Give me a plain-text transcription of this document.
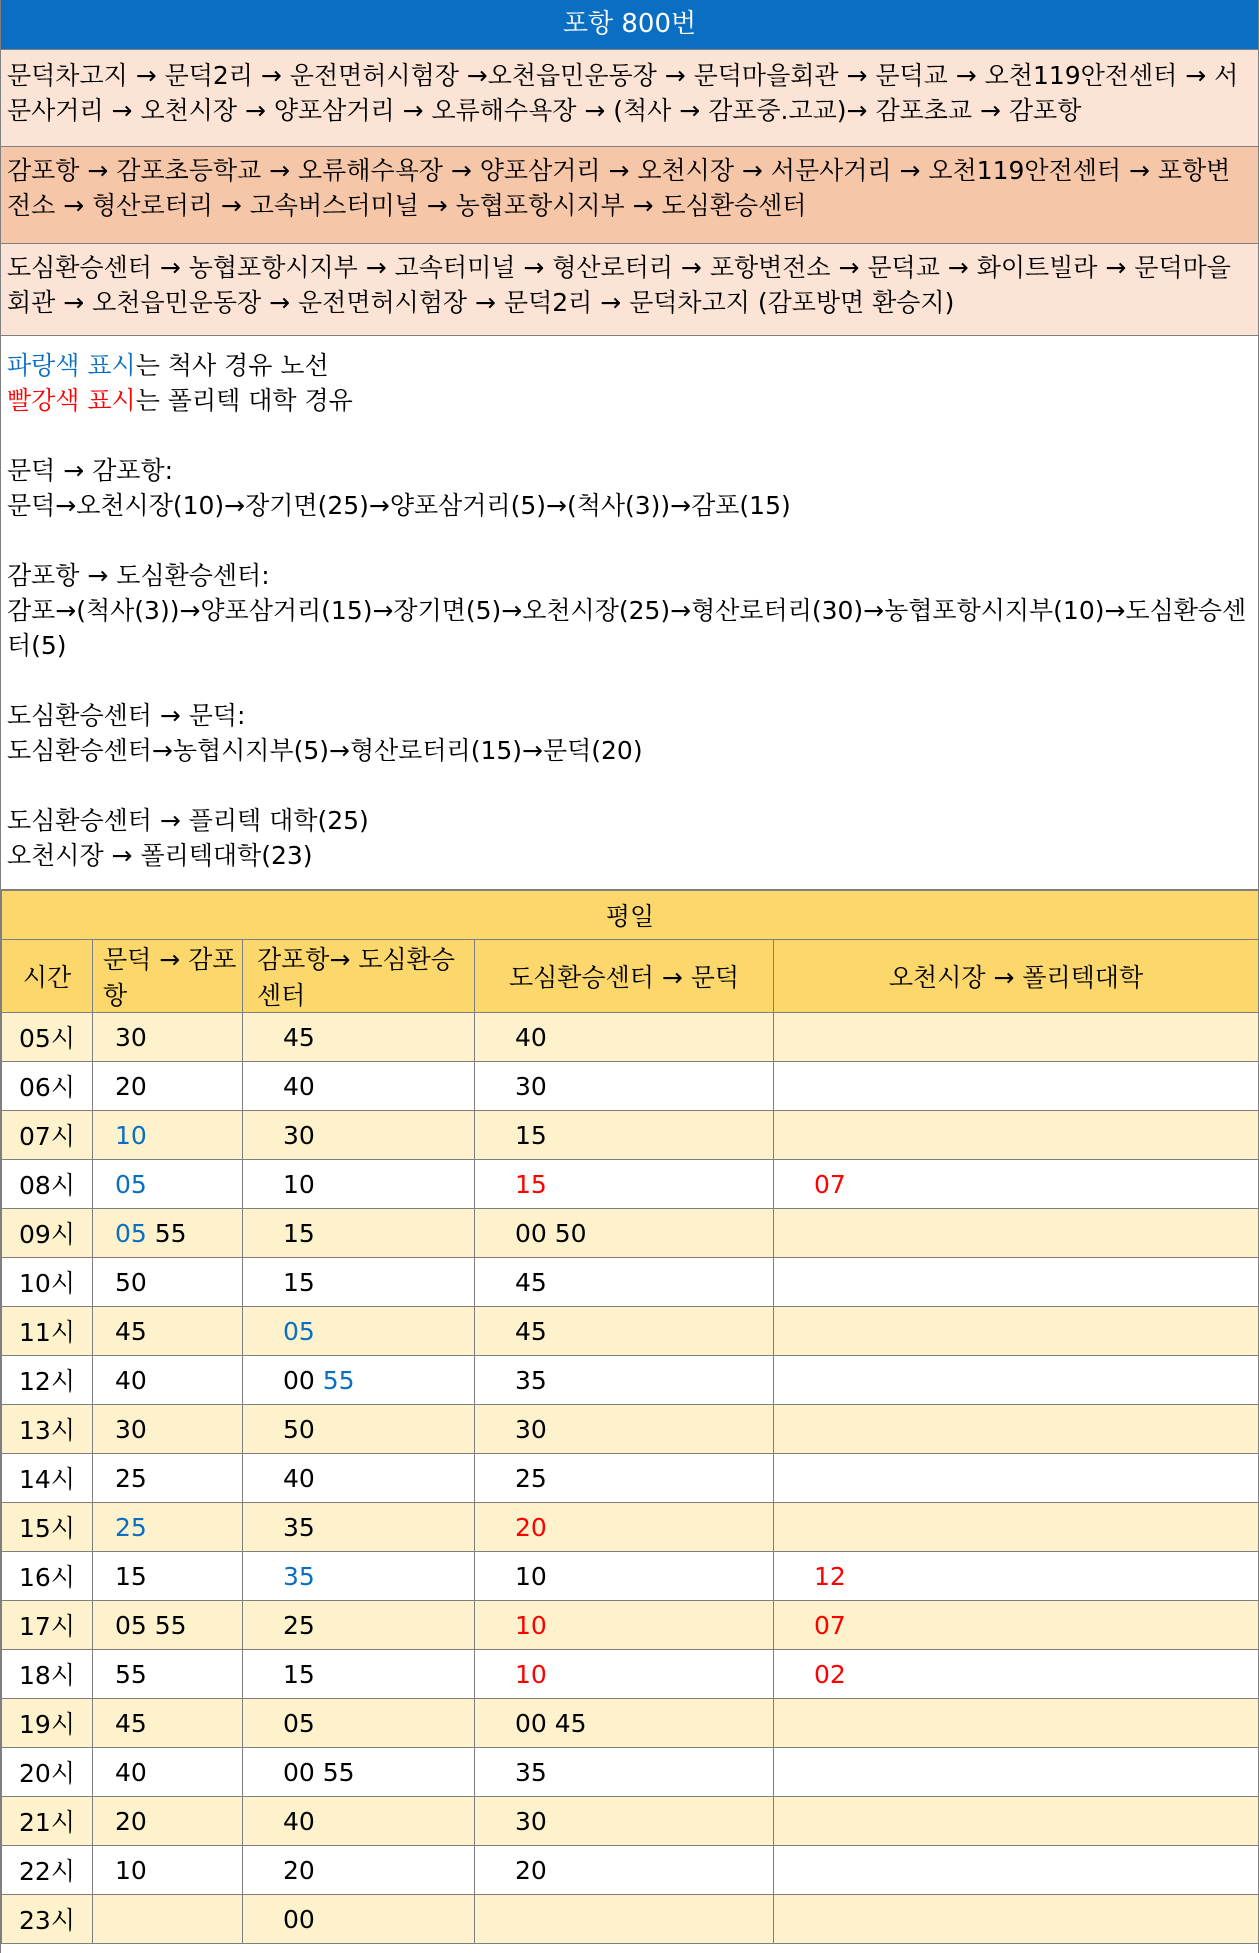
포항 800번
문덕차고지 → 문덕2리 → 운전면허시험장 →오천읍민운동장 → 문덕마을회관 → 문덕교 → 오천119안전센터 → 서문사거리 → 오천시장 → 양포삼거리 → 오류해수욕장 → (척사 → 감포중.고교)→ 감포초교 → 감포항
감포항 → 감포초등학교 → 오류해수욕장 → 양포삼거리 → 오천시장 → 서문사거리 → 오천119안전센터 → 포항변전소 → 형산로터리 → 고속버스터미널 → 농협포항시지부 → 도심환승센터
도심환승센터 → 농협포항시지부 → 고속터미널 → 형산로터리 → 포항변전소 → 문덕교 → 화이트빌라 → 문덕마을회관 → 오천읍민운동장 → 운전면허시험장 → 문덕2리 → 문덕차고지 (감포방면 환승지)

파랑색 표시는 척사 경유 노선

빨강색 표시는 폴리텍 대학 경유

문덕 → 감포항:

문덕→오천시장(10)→장기면(25)→양포삼거리(5)→(척사(3))→감포(15)

감포항 → 도심환승센터:

감포→(척사(3))→양포삼거리(15)→장기면(5)→오천시장(25)→형산로터리(30)→농협포항시지부(10)→도심환승센터(5)

도심환승센터 → 문덕:

도심환승센터→농협시지부(5)→형산로터리(15)→문덕(20)

도심환승센터 → 플리텍 대학(25)

오천시장 → 폴리텍대학(23)

평일				
시간	문덕 → 감포항	감포항→ 도심환승센터	도심환승센터 → 문덕	오천시장 → 폴리텍대학
05시	30	45	40	
06시	20	40	30	
07시	10	30	15	
08시	05	10	15	07
09시	05 55	15	00 50	
10시	50	15	45	
11시	45	05	45	
12시	40	00 55	35	
13시	30	50	30	
14시	25	40	25	
15시	25	35	20	
16시	15	35	10	12
17시	05 55	25	10	07
18시	55	15	10	02
19시	45	05	00 45	
20시	40	00 55	35	
21시	20	40	30	
22시	10	20	20	
23시		00		
